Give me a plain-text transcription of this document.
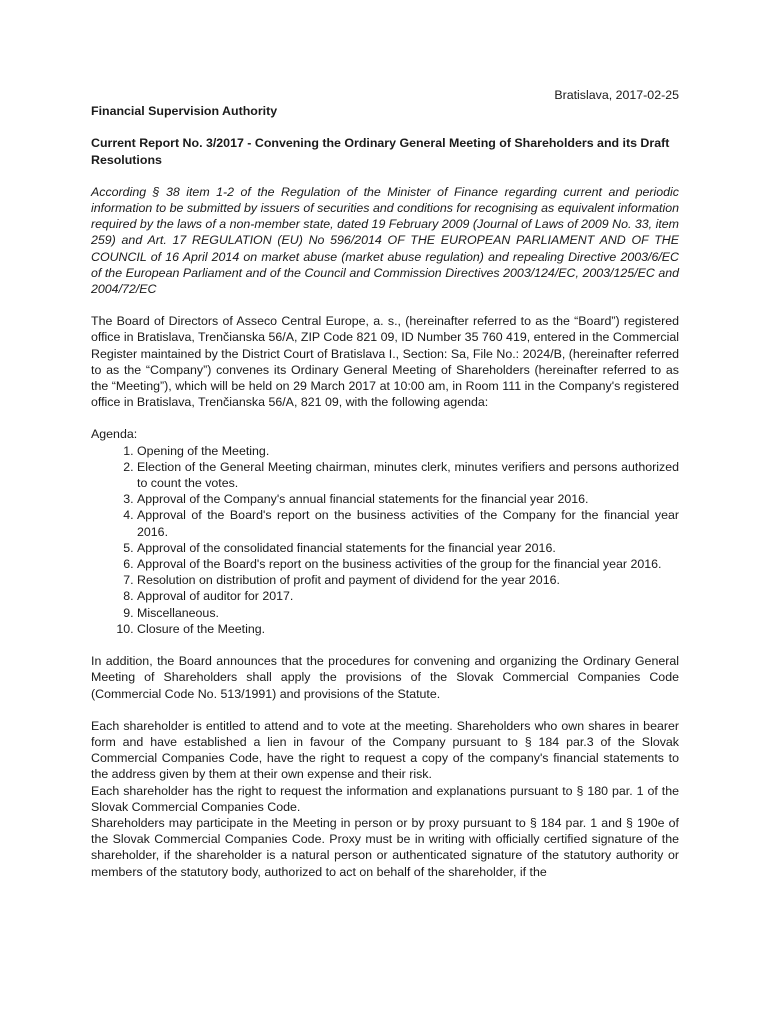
Bratislava, 2017-02-25

Financial Supervision Authority

Current Report No. 3/2017 - Convening the Ordinary General Meeting of Shareholders and its Draft Resolutions

According § 38 item 1-2 of the Regulation of the Minister of Finance regarding current and periodic information to be submitted by issuers of securities and conditions for recognising as equivalent information required by the laws of a non-member state, dated 19 February 2009 (Journal of Laws of 2009 No. 33, item 259) and Art. 17 REGULATION (EU) No 596/2014 OF THE EUROPEAN PARLIAMENT AND OF THE COUNCIL of 16 April 2014 on market abuse (market abuse regulation) and repealing Directive 2003/6/EC of the European Parliament and of the Council and Commission Directives 2003/124/EC, 2003/125/EC and 2004/72/EC

The Board of Directors of Asseco Central Europe, a. s., (hereinafter referred to as the “Board”) registered office in Bratislava, Trenčianska 56/A, ZIP Code 821 09, ID Number 35 760 419, entered in the Commercial Register maintained by the District Court of Bratislava I., Section: Sa, File No.: 2024/B, (hereinafter referred to as the “Company”) convenes its Ordinary General Meeting of Shareholders (hereinafter referred to as the “Meeting”), which will be held on 29 March 2017 at 10:00 am, in Room 111 in the Company's registered office in Bratislava, Trenčianska 56/A, 821 09, with the following agenda:

Agenda:

1. Opening of the Meeting.
2. Election of the General Meeting chairman, minutes clerk, minutes verifiers and persons authorized to count the votes.
3. Approval of the Company's annual financial statements for the financial year 2016.
4. Approval of the Board's report on the business activities of the Company for the financial year 2016.
5. Approval of the consolidated financial statements for the financial year 2016.
6. Approval of the Board's report on the business activities of the group for the financial year 2016.
7. Resolution on distribution of profit and payment of dividend for the year 2016.
8. Approval of auditor for 2017.
9. Miscellaneous.
10. Closure of the Meeting.

In addition, the Board announces that the procedures for convening and organizing the Ordinary General Meeting of Shareholders shall apply the provisions of the Slovak Commercial Companies Code (Commercial Code No. 513/1991) and provisions of the Statute.

Each shareholder is entitled to attend and to vote at the meeting. Shareholders who own shares in bearer form and have established a lien in favour of the Company pursuant to § 184 par.3 of the Slovak Commercial Companies Code, have the right to request a copy of the company's financial statements to the address given by them at their own expense and their risk.

Each shareholder has the right to request the information and explanations pursuant to § 180 par. 1 of the Slovak Commercial Companies Code.

Shareholders may participate in the Meeting in person or by proxy pursuant to § 184 par. 1 and § 190e of the Slovak Commercial Companies Code. Proxy must be in writing with officially certified signature of the shareholder, if the shareholder is a natural person or authenticated signature of the statutory authority or members of the statutory body, authorized to act on behalf of the shareholder, if the
